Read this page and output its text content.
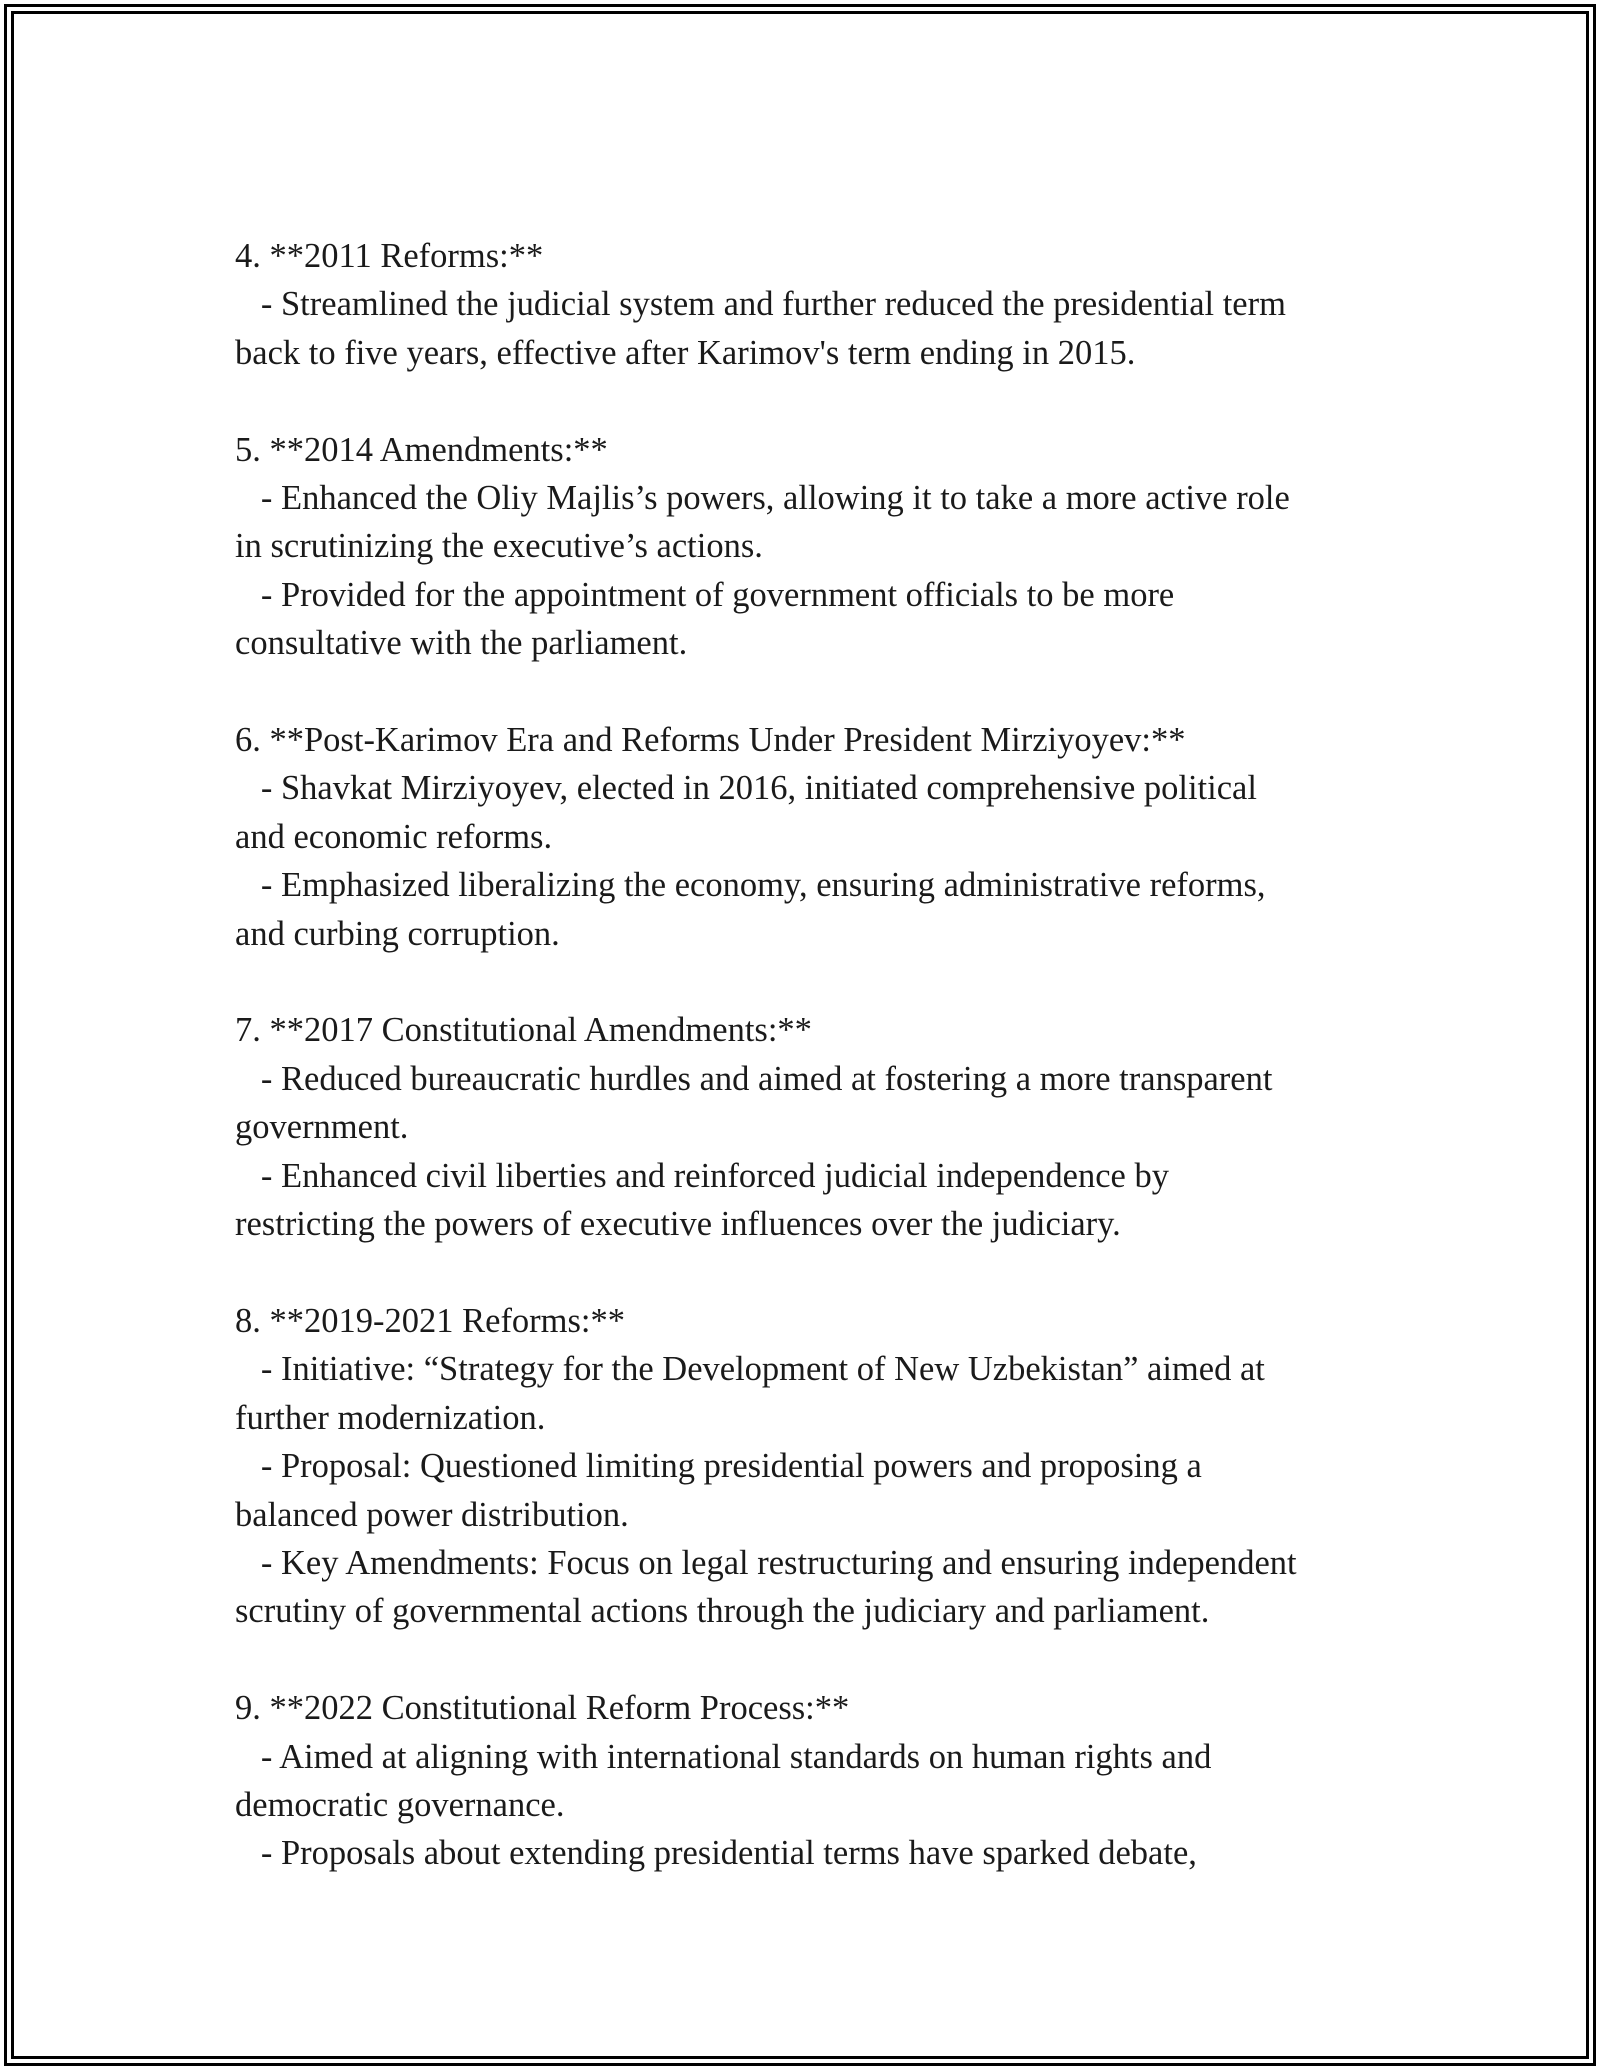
4. **2011 Reforms:**
- Streamlined the judicial system and further reduced the presidential term
back to five years, effective after Karimov's term ending in 2015.
5. **2014 Amendments:**
- Enhanced the Oliy Majlis’s powers, allowing it to take a more active role
in scrutinizing the executive’s actions.
- Provided for the appointment of government officials to be more
consultative with the parliament.
6. **Post-Karimov Era and Reforms Under President Mirziyoyev:**
- Shavkat Mirziyoyev, elected in 2016, initiated comprehensive political
and economic reforms.
- Emphasized liberalizing the economy, ensuring administrative reforms,
and curbing corruption.
7. **2017 Constitutional Amendments:**
- Reduced bureaucratic hurdles and aimed at fostering a more transparent
government.
- Enhanced civil liberties and reinforced judicial independence by
restricting the powers of executive influences over the judiciary.
8. **2019-2021 Reforms:**
- Initiative: “Strategy for the Development of New Uzbekistan” aimed at
further modernization.
- Proposal: Questioned limiting presidential powers and proposing a
balanced power distribution.
- Key Amendments: Focus on legal restructuring and ensuring independent
scrutiny of governmental actions through the judiciary and parliament.
9. **2022 Constitutional Reform Process:**
- Aimed at aligning with international standards on human rights and
democratic governance.
- Proposals about extending presidential terms have sparked debate,
